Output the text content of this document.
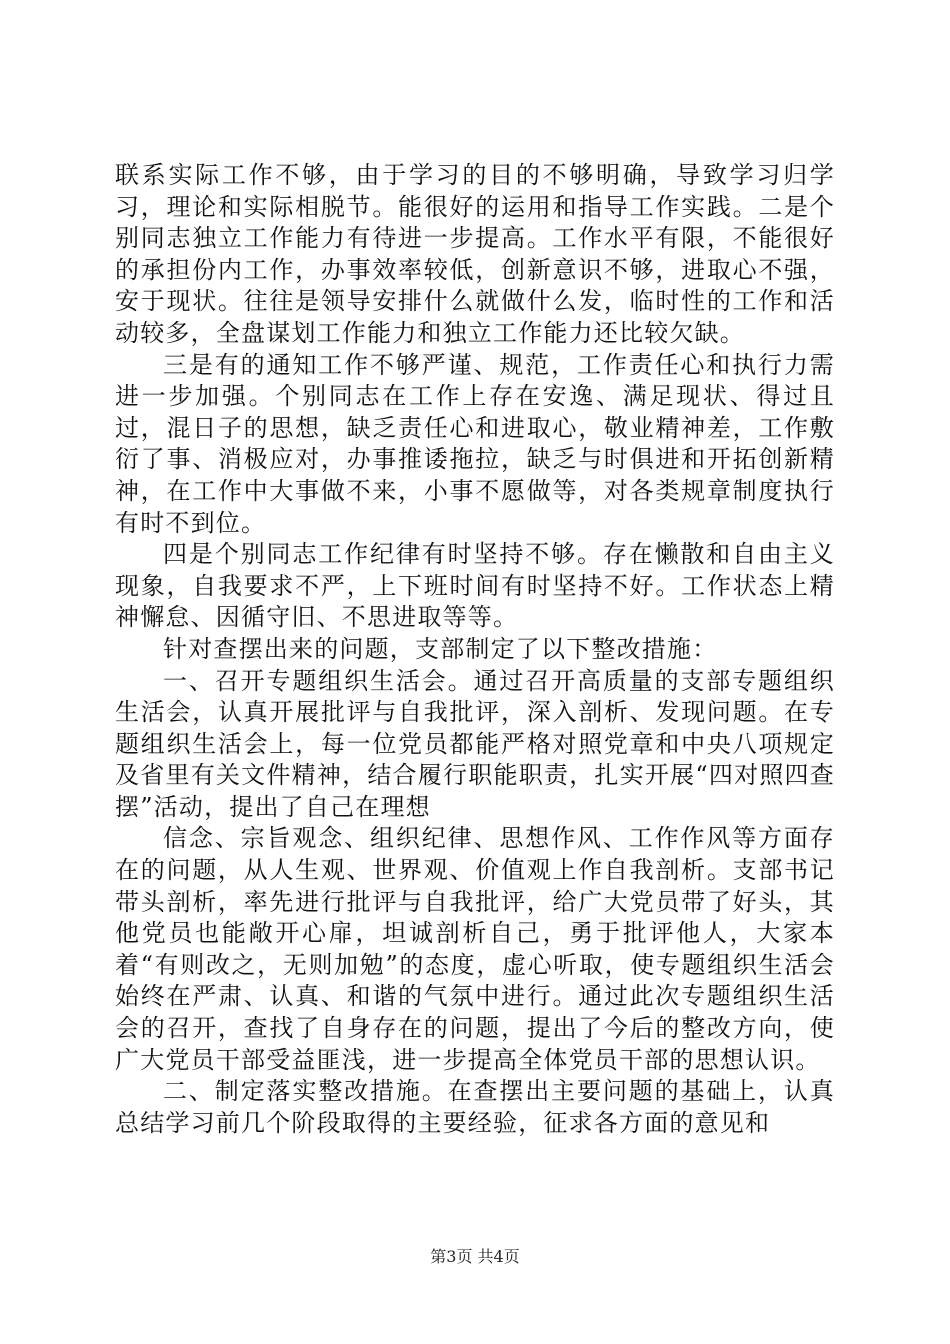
联系实际工作不够，由于学习的目的不够明确，导致学习归学习，理论和实际相脱节。能很好的运用和指导工作实践。二是个别同志独立工作能力有待进一步提高。工作水平有限，不能很好的承担份内工作，办事效率较低，创新意识不够，进取心不强，安于现状。往往是领导安排什么就做什么发，临时性的工作和活动较多，全盘谋划工作能力和独立工作能力还比较欠缺。

三是有的通知工作不够严谨、规范，工作责任心和执行力需进一步加强。个别同志在工作上存在安逸、满足现状、得过且过，混日子的思想，缺乏责任心和进取心，敬业精神差，工作敷衍了事、消极应对，办事推诿拖拉，缺乏与时俱进和开拓创新精神，在工作中大事做不来，小事不愿做等，对各类规章制度执行有时不到位。

四是个别同志工作纪律有时坚持不够。存在懒散和自由主义现象，自我要求不严，上下班时间有时坚持不好。工作状态上精神懈怠、因循守旧、不思进取等等。

针对查摆出来的问题，支部制定了以下整改措施：

一、召开专题组织生活会。通过召开高质量的支部专题组织生活会，认真开展批评与自我批评，深入剖析、发现问题。在专题组织生活会上，每一位党员都能严格对照党章和中央八项规定及省里有关文件精神，结合履行职能职责，扎实开展“四对照四查摆”活动，提出了自己在理想

信念、宗旨观念、组织纪律、思想作风、工作作风等方面存在的问题，从人生观、世界观、价值观上作自我剖析。支部书记带头剖析，率先进行批评与自我批评，给广大党员带了好头，其他党员也能敞开心扉，坦诚剖析自己，勇于批评他人，大家本着“有则改之，无则加勉”的态度，虚心听取，使专题组织生活会始终在严肃、认真、和谐的气氛中进行。通过此次专题组织生活会的召开，查找了自身存在的问题，提出了今后的整改方向，使广大党员干部受益匪浅，进一步提高全体党员干部的思想认识。

二、制定落实整改措施。在查摆出主要问题的基础上，认真总结学习前几个阶段取得的主要经验，征求各方面的意见和

第3页 共4页
